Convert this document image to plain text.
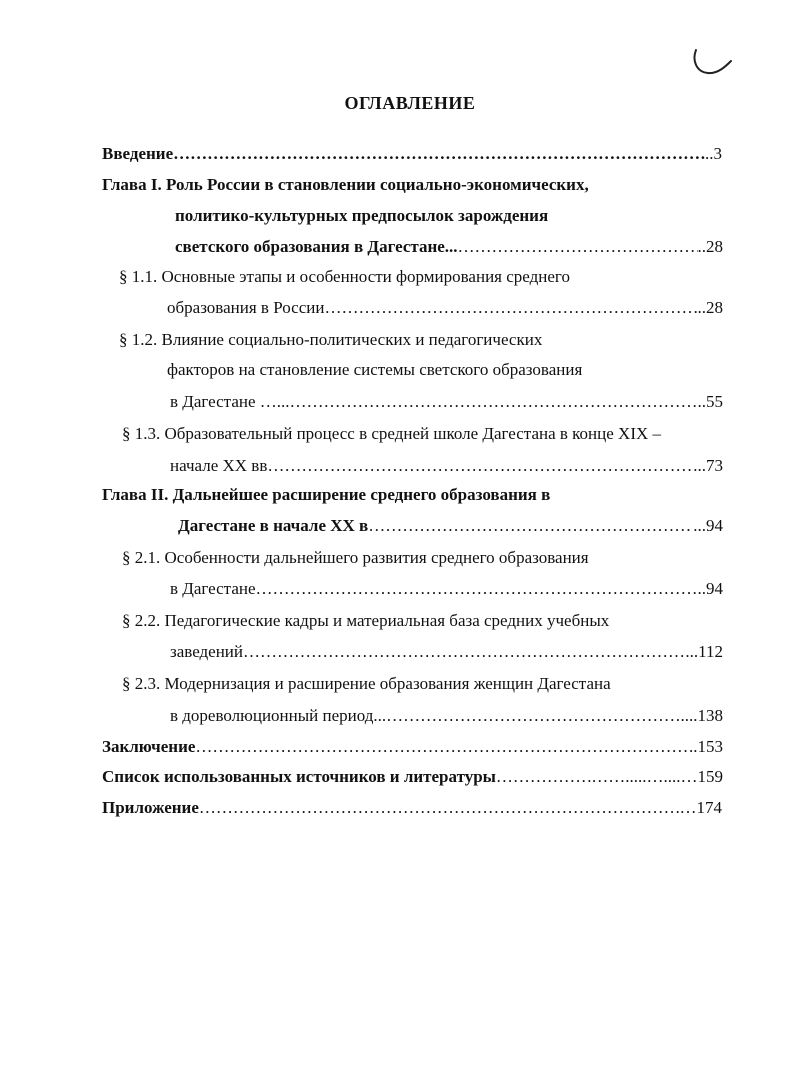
ОГЛАВЛЕНИЕ
Введение ……………………………………………………………………………………………………………………………………………………………………	..3
Глава I. Роль России в становлении социально-экономических,
политико-культурных предпосылок зарождения
светского образования в Дагестане... ……………………………………………………………………………………………………………………………………………………………………	..28
§ 1.1. Основные этапы и особенности формирования среднего
образования в России ……………………………………………………………………………………………………………………………………………………………………	..28
§ 1.2. Влияние социально-политических и педагогических
факторов на становление системы светского образования
в Дагестане …... ……………………………………………………………………………………………………………………………………………………………………	..55
§ 1.3. Образовательный процесс в средней школе Дагестана в конце XIX –
начале XX вв ……………………………………………………………………………………………………………………………………………………………………	...73
Глава II. Дальнейшее расширение среднего образования в
Дагестане в начале XX в ……………………………………………………………………………………………………………………………………………………………………	...94
§ 2.1. Особенности дальнейшего развития среднего образования
в Дагестане ……………………………………………………………………………………………………………………………………………………………………	..94
§ 2.2. Педагогические кадры и материальная база средних учебных
заведений ……………………………………………………………………………………………………………………………………………………………………	...112
§ 2.3. Модернизация и расширение образования женщин Дагестана
в дореволюционный период... ……………………………………………………………………………………………………………………………………………………………………	....138
Заключение ……………………………………………………………………………………………………………………………………………………………………	..153
Список использованных источников и литературы ……………………………………………………………………………………………………………………………………………………………………	…….....…....…159
Приложение ……………………………………………………………………………………………………………………………………………………………………	…174
